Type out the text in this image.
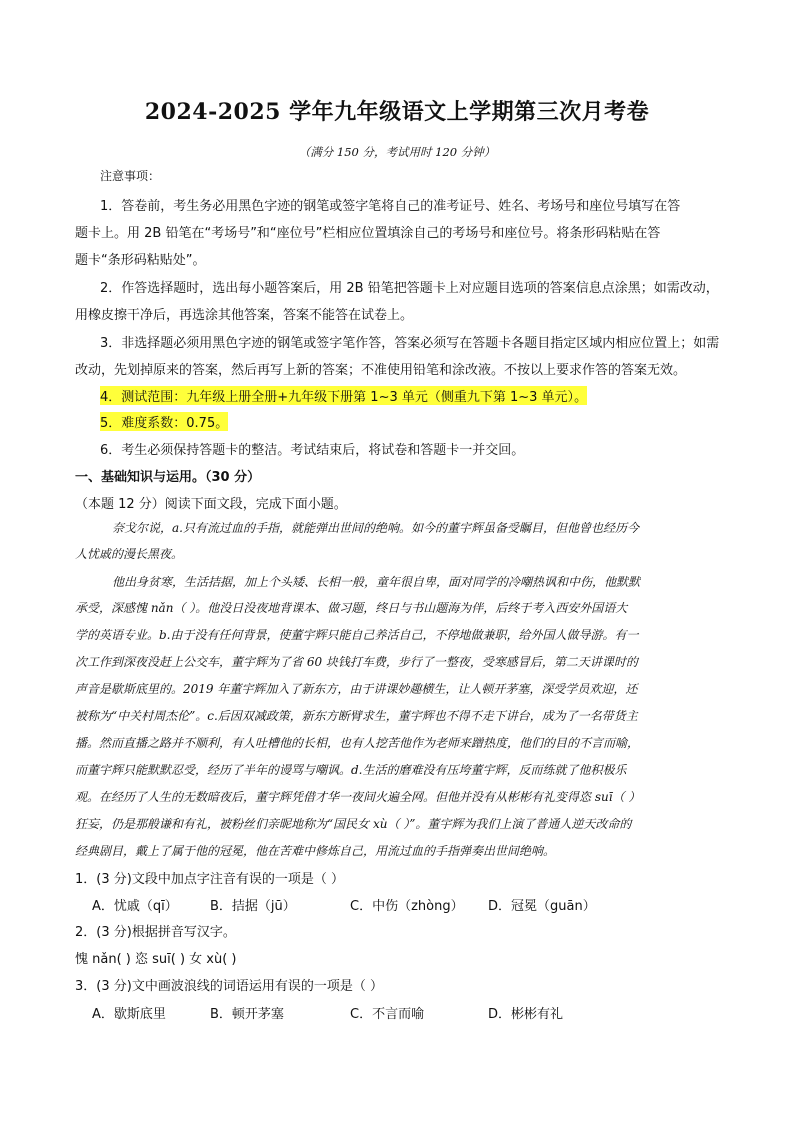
2024-2025 学年九年级语文上学期第三次月考卷
（满分 150 分，考试用时 120 分钟）
注意事项：
1．答卷前，考生务必用黑色字迹的钢笔或签字笔将自己的准考证号、姓名、考场号和座位号填写在答
题卡上。用 2B 铅笔在“考场号”和“座位号”栏相应位置填涂自己的考场号和座位号。将条形码粘贴在答
题卡“条形码粘贴处”。
2．作答选择题时，选出每小题答案后，用 2B 铅笔把答题卡上对应题目选项的答案信息点涂黑；如需改动，
用橡皮擦干净后，再选涂其他答案，答案不能答在试卷上。
3．非选择题必须用黑色字迹的钢笔或签字笔作答，答案必须写在答题卡各题目指定区域内相应位置上；如需
改动，先划掉原来的答案，然后再写上新的答案；不准使用铅笔和涂改液。不按以上要求作答的答案无效。
4．测试范围：九年级上册全册+九年级下册第 1~3 单元（侧重九下第 1~3 单元）。
5．难度系数：0.75。
6．考生必须保持答题卡的整洁。考试结束后，将试卷和答题卡一并交回。
一、基础知识与运用。（30 分）
（本题 12 分）阅读下面文段，完成下面小题。
奈戈尔说，a.只有流过血的手指，就能弹出世间的绝响。如今的董宇辉虽备受瞩目，但他曾也经历今
人忧戚的漫长黑夜。
他出身贫寒，生活拮据，加上个头矮、长相一般，童年很自卑，面对同学的冷嘲热讽和中伤，他默默
承受，深感愧 nǎn（ ）。他没日没夜地背课本、做习题，终日与书山题海为伴，后终于考入西安外国语大
学的英语专业。b.由于没有任何背景，使董宇辉只能自己养活自己，不停地做兼职，给外国人做导游。有一
次工作到深夜没赶上公交车，董宇辉为了省 60 块钱打车费，步行了一整夜，受寒感冒后，第二天讲课时的
声音是歇斯底里的。2019 年董宇辉加入了新东方，由于讲课妙趣横生，让人顿开茅塞，深受学员欢迎，还
被称为“中关村周杰伦”。c.后因双减政策，新东方断臂求生，董宇辉也不得不走下讲台，成为了一名带货主
播。然而直播之路并不顺利，有人吐槽他的长相，也有人挖苦他作为老师来蹭热度，他们的目的不言而喻，
而董宇辉只能默默忍受，经历了半年的谩骂与嘲讽。d.生活的磨难没有压垮董宇辉，反而练就了他积极乐
观。在经历了人生的无数暗夜后，董宇辉凭借才华一夜间火遍全网。但他并没有从彬彬有礼变得恣 suī（ ）
狂妄，仍是那般谦和有礼，被粉丝们亲昵地称为“国民女 xù（ ）”。董宇辉为我们上演了普通人逆天改命的
经典剧目，戴上了属于他的冠冕，他在苦难中修炼自己，用流过血的手指弹奏出世间绝响。
1．(3 分)文段中加点字注音有误的一项是（ ）
A．忧戚（qī） B．拮据（jū）	C．中伤（zhòng） D．冠冕（guān）
2．(3 分)根据拼音写汉字。
愧 nǎn( ) 恣 suī( ) 女 xù( )
3．(3 分)文中画波浪线的词语运用有误的一项是（ ）
A．歇斯底里	B．顿开茅塞	C．不言而喻	D．彬彬有礼
